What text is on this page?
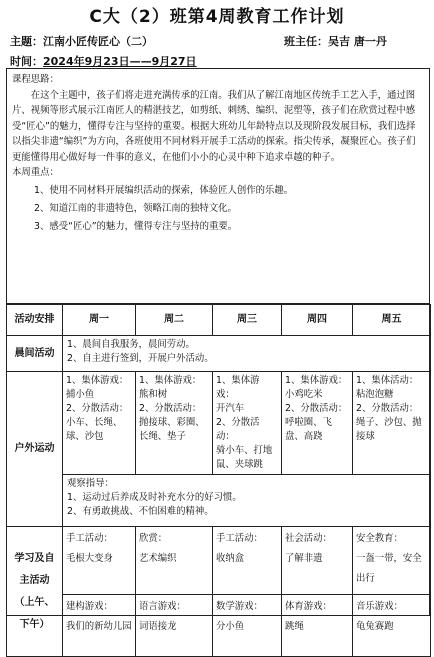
C大（2）班第4周教育工作计划
主题：江南小匠传匠心（二）	班主任：吴吉 唐一丹
时间：2024年9月23日——9月27日

课程思路：

在这个主题中，孩子们将走进充满传承的江南。我们从了解江南地区传统手工艺入手，通过图片、视频等形式展示江南匠人的精湛技艺，如剪纸、刺绣、编织、泥塑等，孩子们在欣赏过程中感受“匠心”的魅力，懂得专注与坚持的重要。根据大班幼儿年龄特点以及现阶段发展目标，我们选择以指尖非遗“编织”为方向，各班使用不同材料开展手工活动的探索。指尖传承，凝聚匠心。孩子们更能懂得用心做好每一件事的意义，在他们小小的心灵中种下追求卓越的种子。

本周重点：

1、使用不同材料开展编织活动的探索，体验匠人创作的乐趣。

2、知道江南的非遗特色，领略江南的独特文化。

3、感受“匠心”的魅力，懂得专注与坚持的重要。

活动安排	周一	周二	周三	周四	周五
晨间活动	1、晨间自我服务，晨间劳动。
2、自主进行签到，开展户外活动。				

户外运动	1、集体游戏：
捕小鱼
2、分散活动：
小车、长绳、球、沙包	1、集体游戏：
熊和树
2、分散活动：
抛接球、彩圈、长绳、垫子	1、集体游戏：
开汽车
2、分散活动：
骑小车、打地鼠、夹球跳	1、集体游戏：
小鸡吃米
2、分散活动：
呼啦圈、飞盘、高跷	1、集体活动：
粘泡泡糖
2、分散活动：
绳子、沙包、抛接球

	观察指导：
1、运动过后养成及时补充水分的好习惯。
2、有勇敢挑战、不怕困难的精神。				

学习及自
主活动
（上午、
下午）	手工活动：
毛根大变身	欣赏：
艺术编织	手工活动：
收纳盒	社会活动：
了解非遗	安全教育：
一盔一带，安全出行

	建构游戏：
我们的新幼儿园	语言游戏：
词语接龙	数学游戏：
分小鱼	体育游戏：
跳绳	音乐游戏：
龟兔赛跑
